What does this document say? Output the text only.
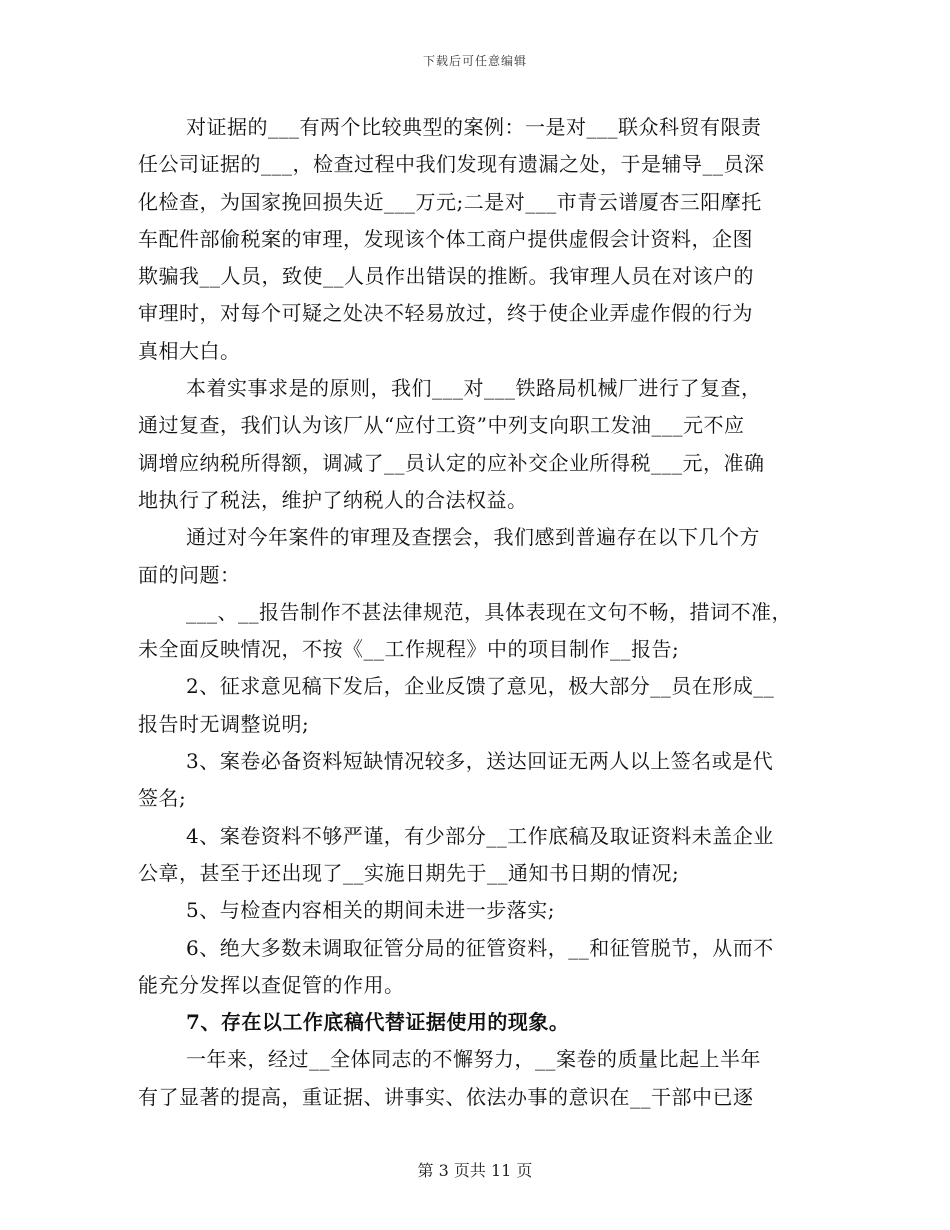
下载后可任意编辑
对证据的___有两个比较典型的案例：一是对___联众科贸有限责
任公司证据的___，检查过程中我们发现有遗漏之处，于是辅导__员深
化检查，为国家挽回损失近___万元;二是对___市青云谱厦杏三阳摩托
车配件部偷税案的审理，发现该个体工商户提供虚假会计资料，企图
欺骗我__人员，致使__人员作出错误的推断。我审理人员在对该户的
审理时，对每个可疑之处决不轻易放过，终于使企业弄虚作假的行为
真相大白。
本着实事求是的原则，我们___对___铁路局机械厂进行了复查，
通过复查，我们认为该厂从“应付工资”中列支向职工发油___元不应
调增应纳税所得额，调减了__员认定的应补交企业所得税___元，准确
地执行了税法，维护了纳税人的合法权益。
通过对今年案件的审理及查摆会，我们感到普遍存在以下几个方
面的问题：
___、__报告制作不甚法律规范，具体表现在文句不畅，措词不准，
未全面反映情况，不按《__工作规程》中的项目制作__报告;
2、征求意见稿下发后，企业反馈了意见，极大部分__员在形成__
报告时无调整说明;
3、案卷必备资料短缺情况较多，送达回证无两人以上签名或是代
签名;
4、案卷资料不够严谨，有少部分__工作底稿及取证资料未盖企业
公章，甚至于还出现了__实施日期先于__通知书日期的情况;
5、与检查内容相关的期间未进一步落实;
6、绝大多数未调取征管分局的征管资料，__和征管脱节，从而不
能充分发挥以查促管的作用。
7、存在以工作底稿代替证据使用的现象。
一年来，经过__全体同志的不懈努力，__案卷的质量比起上半年
有了显著的提高，重证据、讲事实、依法办事的意识在__干部中已逐
第 3 页共 11 页
